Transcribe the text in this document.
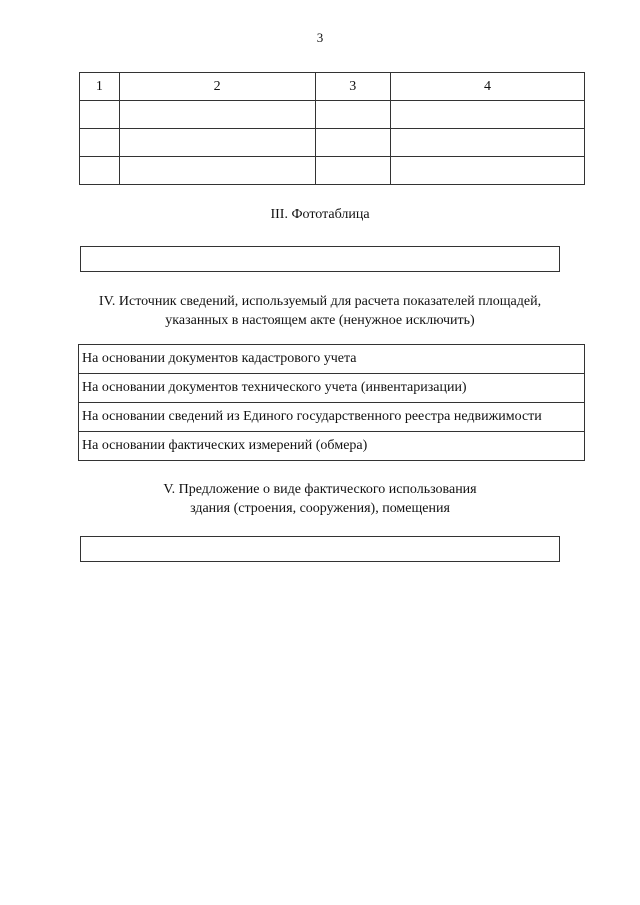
3
1	2	3	4

III. Фототаблица
IV. Источник сведений, используемый для расчета показателей площадей,
указанных в настоящем акте (ненужное исключить)
На основании документов кадастрового учета
На основании документов технического учета (инвентаризации)
На основании сведений из Единого государственного реестра недвижимости
На основании фактических измерений (обмера)
V. Предложение о виде фактического использования
здания (строения, сооружения), помещения
